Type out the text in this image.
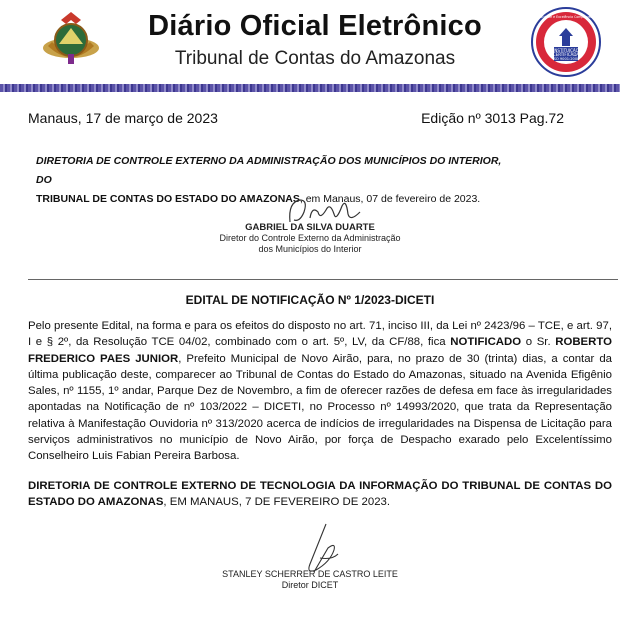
Diário Oficial Eletrônico
Tribunal de Contas do Amazonas	INSTITUIÇÃO
CERTIFICADA
ISO 9001:2008
Qualidade e Excelência Comprovadas
Manaus, 17 de março de 2023	Edição nº 3013 Pag.72
DIRETORIA DE CONTROLE EXTERNO DA ADMINISTRAÇÃO DOS MUNICÍPIOS DO INTERIOR, DO
TRIBUNAL DE CONTAS DO ESTADO DO AMAZONAS, em Manaus, 07 de fevereiro de 2023.
GABRIEL DA SILVA DUARTE
Diretor do Controle Externo da Administração
dos Municípios do Interior
EDITAL DE NOTIFICAÇÃO Nº 1/2023-DICETI
Pelo presente Edital, na forma e para os efeitos do disposto no art. 71, inciso III, da Lei nº 2423/96 – TCE, e art. 97, I e § 2º, da Resolução TCE 04/02, combinado com o art. 5º, LV, da CF/88, fica NOTIFICADO o Sr. ROBERTO FREDERICO PAES JUNIOR, Prefeito Municipal de Novo Airão, para, no prazo de 30 (trinta) dias, a contar da última publicação deste, comparecer ao Tribunal de Contas do Estado do Amazonas, situado na Avenida Efigênio Sales, nº 1155, 1º andar, Parque Dez de Novembro, a fim de oferecer razões de defesa em face às irregularidades apontadas na Notificação de nº 103/2022 – DICETI, no Processo nº 14993/2020, que trata da Representação relativa à Manifestação Ouvidoria nº 313/2020 acerca de indícios de irregularidades na Dispensa de Licitação para serviços administrativos no município de Novo Airão, por força de Despacho exarado pelo Excelentíssimo Conselheiro Luis Fabian Pereira Barbosa.
DIRETORIA DE CONTROLE EXTERNO DE TECNOLOGIA DA INFORMAÇÃO DO TRIBUNAL DE CONTAS DO ESTADO DO AMAZONAS, EM MANAUS, 7 DE FEVEREIRO DE 2023.
STANLEY SCHERRER DE CASTRO LEITE
Diretor DICET
